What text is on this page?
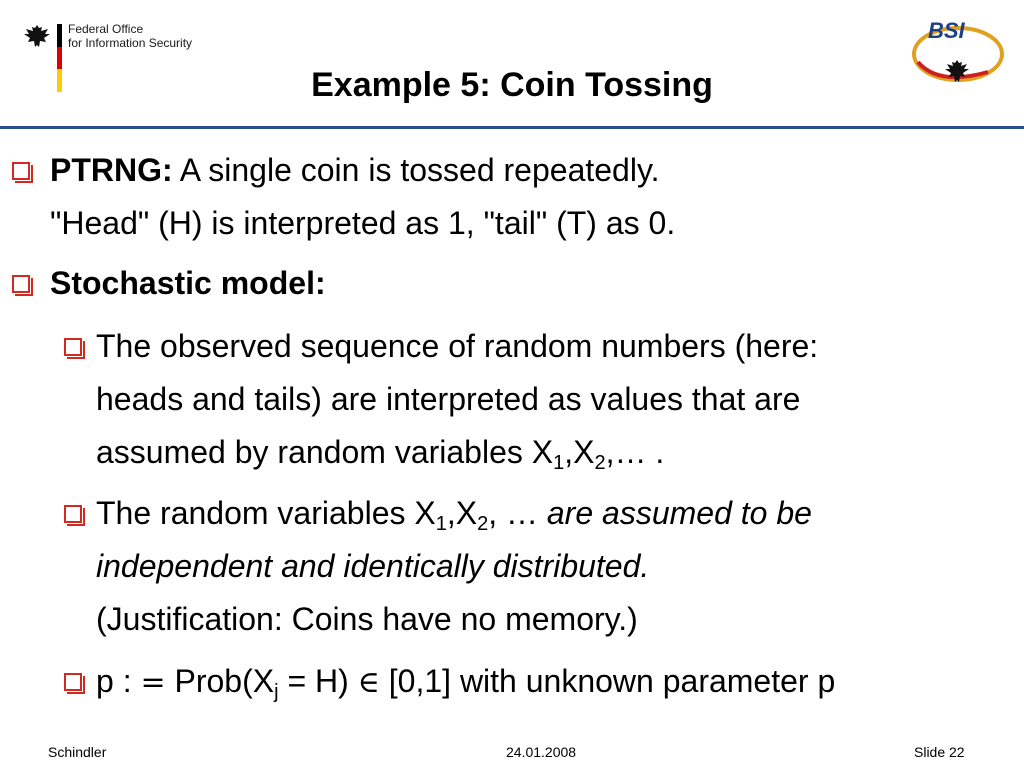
Federal Office
for Information Security	BSI
Example 5: Coin Tossing
PTRNG: A single coin is tossed repeatedly.
"Head" (H) is interpreted as 1, "tail" (T) as 0.
Stochastic model:
The observed sequence of random numbers (here:
heads and tails) are interpreted as values that are
assumed by random variables $X_1,X_2,\dots$ .
The random variables $X_1,X_2$, … are assumed to be
independent and identically distributed.
(Justification: Coins have no memory.)
p : = $Prob(X_j = H)$ ∈ [0,1] with unknown parameter p
Schindler	24.01.2008	Slide 22
